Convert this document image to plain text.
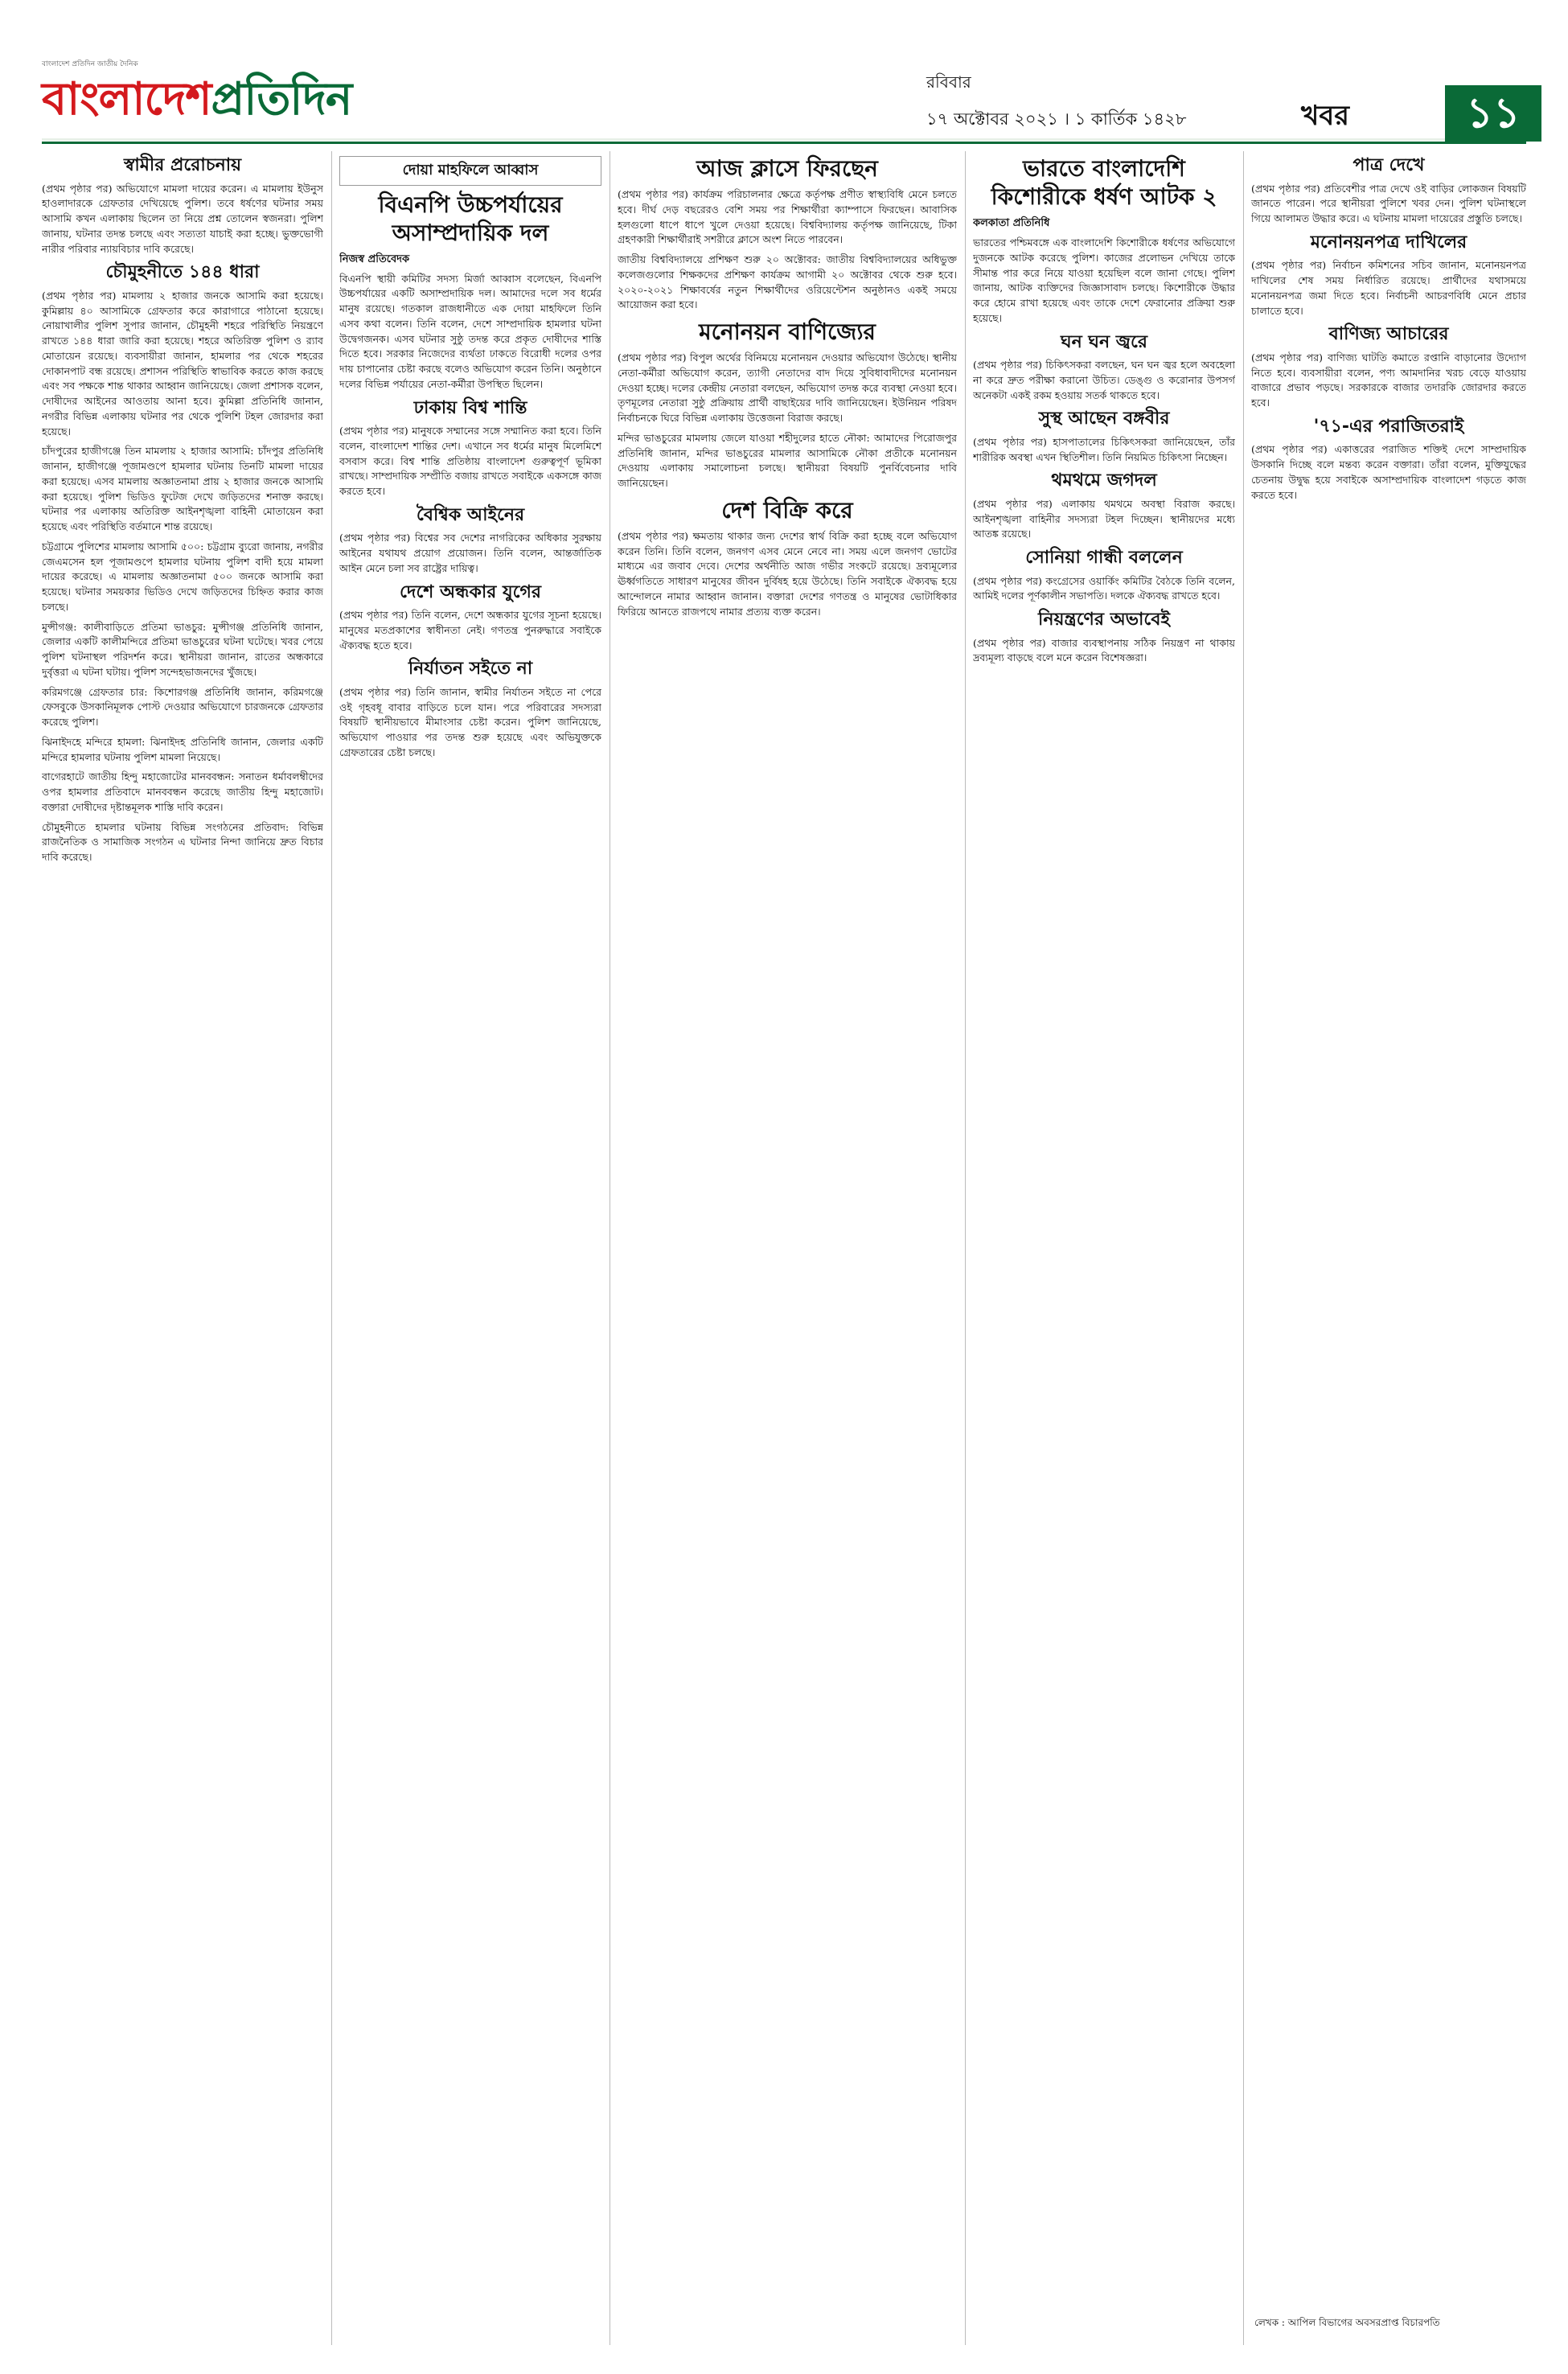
বাংলাদেশ প্রতিদিন জাতীয় দৈনিক
বাংলাদেশপ্রতিদিন	রবিবার
১৭ অক্টোবর ২০২১ । ১ কার্তিক ১৪২৮	খবর	১১
স্বামীর প্ররোচনায়

(প্রথম পৃষ্ঠার পর) অভিযোগে মামলা দায়ের করেন। এ মামলায় ইউনুস হাওলাদারকে গ্রেফতার দেখিয়েছে পুলিশ। তবে ধর্ষণের ঘটনার সময় আসামি কখন এলাকায় ছিলেন তা নিয়ে প্রশ্ন তোলেন স্বজনরা। পুলিশ জানায়, ঘটনার তদন্ত চলছে এবং সত্যতা যাচাই করা হচ্ছে। ভুক্তভোগী নারীর পরিবার ন্যায়বিচার দাবি করেছে।

চৌমুহনীতে ১৪৪ ধারা

(প্রথম পৃষ্ঠার পর) মামলায় ২ হাজার জনকে আসামি করা হয়েছে। কুমিল্লায় ৪০ আসামিকে গ্রেফতার করে কারাগারে পাঠানো হয়েছে। নোয়াখালীর পুলিশ সুপার জানান, চৌমুহনী শহরে পরিস্থিতি নিয়ন্ত্রণে রাখতে ১৪৪ ধারা জারি করা হয়েছে। শহরে অতিরিক্ত পুলিশ ও র‍্যাব মোতায়েন রয়েছে। ব্যবসায়ীরা জানান, হামলার পর থেকে শহরের দোকানপাট বন্ধ রয়েছে। প্রশাসন পরিস্থিতি স্বাভাবিক করতে কাজ করছে এবং সব পক্ষকে শান্ত থাকার আহ্বান জানিয়েছে। জেলা প্রশাসক বলেন, দোষীদের আইনের আওতায় আনা হবে। কুমিল্লা প্রতিনিধি জানান, নগরীর বিভিন্ন এলাকায় ঘটনার পর থেকে পুলিশি টহল জোরদার করা হয়েছে।

চাঁদপুরের হাজীগঞ্জে তিন মামলায় ২ হাজার আসামি: চাঁদপুর প্রতিনিধি জানান, হাজীগঞ্জে পূজামণ্ডপে হামলার ঘটনায় তিনটি মামলা দায়ের করা হয়েছে। এসব মামলায় অজ্ঞাতনামা প্রায় ২ হাজার জনকে আসামি করা হয়েছে। পুলিশ ভিডিও ফুটেজ দেখে জড়িতদের শনাক্ত করছে। ঘটনার পর এলাকায় অতিরিক্ত আইনশৃঙ্খলা বাহিনী মোতায়েন করা হয়েছে এবং পরিস্থিতি বর্তমানে শান্ত রয়েছে।

চট্টগ্রামে পুলিশের মামলায় আসামি ৫০০: চট্টগ্রাম ব্যুরো জানায়, নগরীর জেএমসেন হল পূজামণ্ডপে হামলার ঘটনায় পুলিশ বাদী হয়ে মামলা দায়ের করেছে। এ মামলায় অজ্ঞাতনামা ৫০০ জনকে আসামি করা হয়েছে। ঘটনার সময়কার ভিডিও দেখে জড়িতদের চিহ্নিত করার কাজ চলছে।

মুন্সীগঞ্জ: কালীবাড়িতে প্রতিমা ভাঙচুর: মুন্সীগঞ্জ প্রতিনিধি জানান, জেলার একটি কালীমন্দিরে প্রতিমা ভাঙচুরের ঘটনা ঘটেছে। খবর পেয়ে পুলিশ ঘটনাস্থল পরিদর্শন করে। স্থানীয়রা জানান, রাতের অন্ধকারে দুর্বৃত্তরা এ ঘটনা ঘটায়। পুলিশ সন্দেহভাজনদের খুঁজছে।

করিমগঞ্জে গ্রেফতার চার: কিশোরগঞ্জ প্রতিনিধি জানান, করিমগঞ্জে ফেসবুকে উসকানিমূলক পোস্ট দেওয়ার অভিযোগে চারজনকে গ্রেফতার করেছে পুলিশ।

ঝিনাইদহে মন্দিরে হামলা: ঝিনাইদহ প্রতিনিধি জানান, জেলার একটি মন্দিরে হামলার ঘটনায় পুলিশ মামলা নিয়েছে।

বাগেরহাটে জাতীয় হিন্দু মহাজোটের মানববন্ধন: সনাতন ধর্মাবলম্বীদের ওপর হামলার প্রতিবাদে মানববন্ধন করেছে জাতীয় হিন্দু মহাজোট। বক্তারা দোষীদের দৃষ্টান্তমূলক শাস্তি দাবি করেন।

চৌমুহনীতে হামলার ঘটনায় বিভিন্ন সংগঠনের প্রতিবাদ: বিভিন্ন রাজনৈতিক ও সামাজিক সংগঠন এ ঘটনার নিন্দা জানিয়ে দ্রুত বিচার দাবি করেছে।

দোয়া মাহফিলে আব্বাস
বিএনপি উচ্চপর্যায়ের অসাম্প্রদায়িক দল
নিজস্ব প্রতিবেদক

বিএনপি স্থায়ী কমিটির সদস্য মির্জা আব্বাস বলেছেন, বিএনপি উচ্চপর্যায়ের একটি অসাম্প্রদায়িক দল। আমাদের দলে সব ধর্মের মানুষ রয়েছে। গতকাল রাজধানীতে এক দোয়া মাহফিলে তিনি এসব কথা বলেন। তিনি বলেন, দেশে সাম্প্রদায়িক হামলার ঘটনা উদ্বেগজনক। এসব ঘটনার সুষ্ঠু তদন্ত করে প্রকৃত দোষীদের শাস্তি দিতে হবে। সরকার নিজেদের ব্যর্থতা ঢাকতে বিরোধী দলের ওপর দায় চাপানোর চেষ্টা করছে বলেও অভিযোগ করেন তিনি। অনুষ্ঠানে দলের বিভিন্ন পর্যায়ের নেতা-কর্মীরা উপস্থিত ছিলেন।

ঢাকায় বিশ্ব শান্তি

(প্রথম পৃষ্ঠার পর) মানুষকে সম্মানের সঙ্গে সম্মানিত করা হবে। তিনি বলেন, বাংলাদেশ শান্তির দেশ। এখানে সব ধর্মের মানুষ মিলেমিশে বসবাস করে। বিশ্ব শান্তি প্রতিষ্ঠায় বাংলাদেশ গুরুত্বপূর্ণ ভূমিকা রাখছে। সাম্প্রদায়িক সম্প্রীতি বজায় রাখতে সবাইকে একসঙ্গে কাজ করতে হবে।

বৈশ্বিক আইনের

(প্রথম পৃষ্ঠার পর) বিশ্বের সব দেশের নাগরিকের অধিকার সুরক্ষায় আইনের যথাযথ প্রয়োগ প্রয়োজন। তিনি বলেন, আন্তর্জাতিক আইন মেনে চলা সব রাষ্ট্রের দায়িত্ব।

দেশে অন্ধকার যুগের

(প্রথম পৃষ্ঠার পর) তিনি বলেন, দেশে অন্ধকার যুগের সূচনা হয়েছে। মানুষের মতপ্রকাশের স্বাধীনতা নেই। গণতন্ত্র পুনরুদ্ধারে সবাইকে ঐক্যবদ্ধ হতে হবে।

নির্যাতন সইতে না

(প্রথম পৃষ্ঠার পর) তিনি জানান, স্বামীর নির্যাতন সইতে না পেরে ওই গৃহবধূ বাবার বাড়িতে চলে যান। পরে পরিবারের সদস্যরা বিষয়টি স্থানীয়ভাবে মীমাংসার চেষ্টা করেন। পুলিশ জানিয়েছে, অভিযোগ পাওয়ার পর তদন্ত শুরু হয়েছে এবং অভিযুক্তকে গ্রেফতারের চেষ্টা চলছে।

আজ ক্লাসে ফিরছেন

(প্রথম পৃষ্ঠার পর) কার্যক্রম পরিচালনার ক্ষেত্রে কর্তৃপক্ষ প্রণীত স্বাস্থ্যবিধি মেনে চলতে হবে। দীর্ঘ দেড় বছরেরও বেশি সময় পর শিক্ষার্থীরা ক্যাম্পাসে ফিরছেন। আবাসিক হলগুলো ধাপে ধাপে খুলে দেওয়া হয়েছে। বিশ্ববিদ্যালয় কর্তৃপক্ষ জানিয়েছে, টিকা গ্রহণকারী শিক্ষার্থীরাই সশরীরে ক্লাসে অংশ নিতে পারবেন।

জাতীয় বিশ্ববিদ্যালয়ে প্রশিক্ষণ শুরু ২০ অক্টোবর: জাতীয় বিশ্ববিদ্যালয়ের অধিভুক্ত কলেজগুলোর শিক্ষকদের প্রশিক্ষণ কার্যক্রম আগামী ২০ অক্টোবর থেকে শুরু হবে। ২০২০-২০২১ শিক্ষাবর্ষের নতুন শিক্ষার্থীদের ওরিয়েন্টেশন অনুষ্ঠানও একই সময়ে আয়োজন করা হবে।

মনোনয়ন বাণিজ্যের

(প্রথম পৃষ্ঠার পর) বিপুল অর্থের বিনিময়ে মনোনয়ন দেওয়ার অভিযোগ উঠেছে। স্থানীয় নেতা-কর্মীরা অভিযোগ করেন, ত্যাগী নেতাদের বাদ দিয়ে সুবিধাবাদীদের মনোনয়ন দেওয়া হচ্ছে। দলের কেন্দ্রীয় নেতারা বলছেন, অভিযোগ তদন্ত করে ব্যবস্থা নেওয়া হবে। তৃণমূলের নেতারা সুষ্ঠু প্রক্রিয়ায় প্রার্থী বাছাইয়ের দাবি জানিয়েছেন। ইউনিয়ন পরিষদ নির্বাচনকে ঘিরে বিভিন্ন এলাকায় উত্তেজনা বিরাজ করছে।

মন্দির ভাঙচুরের মামলায় জেলে যাওয়া শহীদুলের হাতে নৌকা: আমাদের পিরোজপুর প্রতিনিধি জানান, মন্দির ভাঙচুরের মামলার আসামিকে নৌকা প্রতীকে মনোনয়ন দেওয়ায় এলাকায় সমালোচনা চলছে। স্থানীয়রা বিষয়টি পুনর্বিবেচনার দাবি জানিয়েছেন।

দেশ বিক্রি করে

(প্রথম পৃষ্ঠার পর) ক্ষমতায় থাকার জন্য দেশের স্বার্থ বিক্রি করা হচ্ছে বলে অভিযোগ করেন তিনি। তিনি বলেন, জনগণ এসব মেনে নেবে না। সময় এলে জনগণ ভোটের মাধ্যমে এর জবাব দেবে। দেশের অর্থনীতি আজ গভীর সংকটে রয়েছে। দ্রব্যমূল্যের ঊর্ধ্বগতিতে সাধারণ মানুষের জীবন দুর্বিষহ হয়ে উঠেছে। তিনি সবাইকে ঐক্যবদ্ধ হয়ে আন্দোলনে নামার আহ্বান জানান। বক্তারা দেশের গণতন্ত্র ও মানুষের ভোটাধিকার ফিরিয়ে আনতে রাজপথে নামার প্রত্যয় ব্যক্ত করেন।

ভারতে বাংলাদেশি কিশোরীকে ধর্ষণ আটক ২
কলকাতা প্রতিনিধি

ভারতের পশ্চিমবঙ্গে এক বাংলাদেশি কিশোরীকে ধর্ষণের অভিযোগে দুজনকে আটক করেছে পুলিশ। কাজের প্রলোভন দেখিয়ে তাকে সীমান্ত পার করে নিয়ে যাওয়া হয়েছিল বলে জানা গেছে। পুলিশ জানায়, আটক ব্যক্তিদের জিজ্ঞাসাবাদ চলছে। কিশোরীকে উদ্ধার করে হোমে রাখা হয়েছে এবং তাকে দেশে ফেরানোর প্রক্রিয়া শুরু হয়েছে।

ঘন ঘন জ্বরে

(প্রথম পৃষ্ঠার পর) চিকিৎসকরা বলছেন, ঘন ঘন জ্বর হলে অবহেলা না করে দ্রুত পরীক্ষা করানো উচিত। ডেঙ্গু ও করোনার উপসর্গ অনেকটা একই রকম হওয়ায় সতর্ক থাকতে হবে।

সুস্থ আছেন বঙ্গবীর

(প্রথম পৃষ্ঠার পর) হাসপাতালের চিকিৎসকরা জানিয়েছেন, তাঁর শারীরিক অবস্থা এখন স্থিতিশীল। তিনি নিয়মিত চিকিৎসা নিচ্ছেন।

থমথমে জগদল

(প্রথম পৃষ্ঠার পর) এলাকায় থমথমে অবস্থা বিরাজ করছে। আইনশৃঙ্খলা বাহিনীর সদস্যরা টহল দিচ্ছেন। স্থানীয়দের মধ্যে আতঙ্ক রয়েছে।

সোনিয়া গান্ধী বললেন

(প্রথম পৃষ্ঠার পর) কংগ্রেসের ওয়ার্কিং কমিটির বৈঠকে তিনি বলেন, আমিই দলের পূর্ণকালীন সভাপতি। দলকে ঐক্যবদ্ধ রাখতে হবে।

নিয়ন্ত্রণের অভাবেই

(প্রথম পৃষ্ঠার পর) বাজার ব্যবস্থাপনায় সঠিক নিয়ন্ত্রণ না থাকায় দ্রব্যমূল্য বাড়ছে বলে মনে করেন বিশেষজ্ঞরা।

পাত্র দেখে

(প্রথম পৃষ্ঠার পর) প্রতিবেশীর পাত্র দেখে ওই বাড়ির লোকজন বিষয়টি জানতে পারেন। পরে স্থানীয়রা পুলিশে খবর দেন। পুলিশ ঘটনাস্থলে গিয়ে আলামত উদ্ধার করে। এ ঘটনায় মামলা দায়েরের প্রস্তুতি চলছে।

মনোনয়নপত্র দাখিলের

(প্রথম পৃষ্ঠার পর) নির্বাচন কমিশনের সচিব জানান, মনোনয়নপত্র দাখিলের শেষ সময় নির্ধারিত রয়েছে। প্রার্থীদের যথাসময়ে মনোনয়নপত্র জমা দিতে হবে। নির্বাচনী আচরণবিধি মেনে প্রচার চালাতে হবে।

বাণিজ্য আচারের

(প্রথম পৃষ্ঠার পর) বাণিজ্য ঘাটতি কমাতে রপ্তানি বাড়ানোর উদ্যোগ নিতে হবে। ব্যবসায়ীরা বলেন, পণ্য আমদানির খরচ বেড়ে যাওয়ায় বাজারে প্রভাব পড়ছে। সরকারকে বাজার তদারকি জোরদার করতে হবে।

'৭১-এর পরাজিতরাই

(প্রথম পৃষ্ঠার পর) একাত্তরের পরাজিত শক্তিই দেশে সাম্প্রদায়িক উসকানি দিচ্ছে বলে মন্তব্য করেন বক্তারা। তাঁরা বলেন, মুক্তিযুদ্ধের চেতনায় উদ্বুদ্ধ হয়ে সবাইকে অসাম্প্রদায়িক বাংলাদেশ গড়তে কাজ করতে হবে।

লেখক : আপিল বিভাগের অবসরপ্রাপ্ত বিচারপতি
